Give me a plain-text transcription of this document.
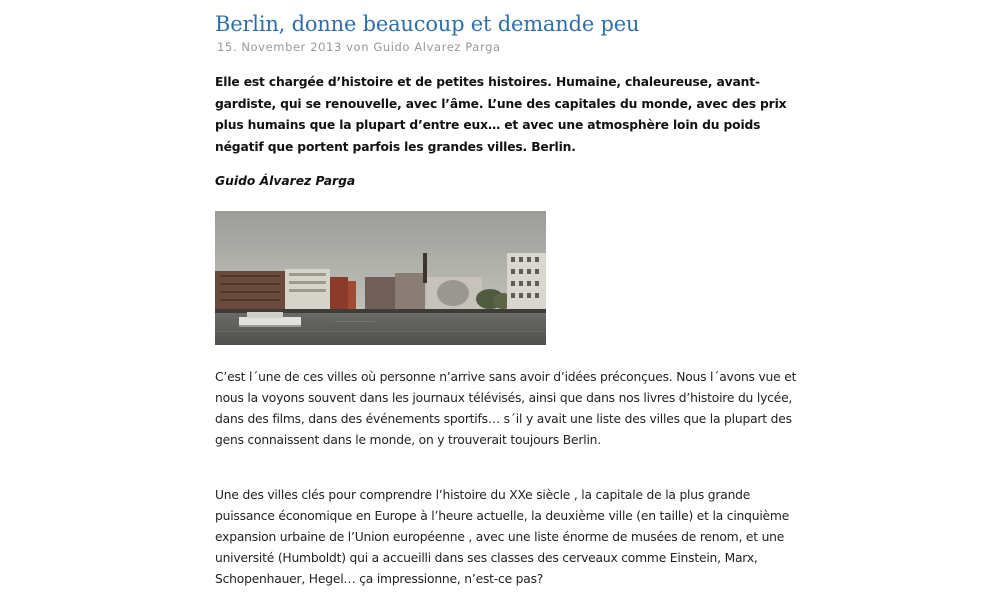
Berlin, donne beaucoup et demande peu
15. November 2013 von Guido Alvarez Parga

Elle est chargée d’histoire et de petites histoires. Humaine, chaleureuse, avant-gardiste, qui se renouvelle, avec l’âme. L’une des capitales du monde, avec des prix plus humains que la plupart d’entre eux… et avec une atmosphère loin du poids négatif que portent parfois les grandes villes. Berlin.

Guido Álvarez Parga

C’est l´une de ces villes où personne n’arrive sans avoir d’idées préconçues. Nous l´avons vue et nous la voyons souvent dans les journaux télévisés, ainsi que dans nos livres d’histoire du lycée, dans des films, dans des événements sportifs… s´il y avait une liste des villes que la plupart des gens connaissent dans le monde, on y trouverait toujours Berlin.

Une des villes clés pour comprendre l’histoire du XXe siècle , la capitale de la plus grande puissance économique en Europe à l’heure actuelle, la deuxième ville (en taille) et la cinquième expansion urbaine de l’Union européenne , avec une liste énorme de musées de renom, et une université (Humboldt) qui a accueilli dans ses classes des cerveaux comme Einstein, Marx, Schopenhauer, Hegel… ça impressionne, n’est-ce pas?
